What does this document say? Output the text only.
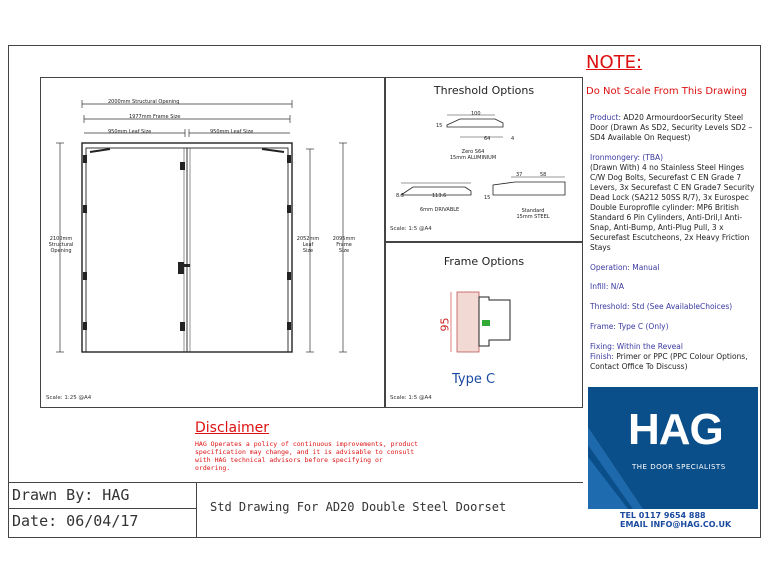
2000mm Structural Opening
1977mm Frame Size
950mm Leaf Size	950mm Leaf Size
2100mm
Structural
Opening
2052mm
Leaf
Size
2095mm
Frame
Size
Scale: 1:25 @A4
Threshold Options
100
15
64	4
Zero S64
15mm ALUMINIUM
8.3	113.6
6mm DRIVABLE
37	58
15
Standard
15mm STEEL
Scale: 1:5 @A4
Frame Options
95
Type C
Scale: 1:5 @A4
NOTE:
Do Not Scale From This Drawing
Product: AD20 ArmourdoorSecurity Steel Door (Drawn As SD2, Security Levels SD2 – SD4 Available On Request)
Ironmongery: (TBA)
(Drawn With) 4 no Stainless Steel Hinges C/W Dog Bolts, Securefast C EN Grade 7 Levers, 3x Securefast C EN Grade7 Security Dead Lock (SA212 50SS R/7), 3x Eurospec Double Europrofile cylinder: MP6 British Standard 6 Pin Cylinders, Anti-Dril,l Anti-Snap, Anti-Bump, Anti-Plug Pull, 3 x Securefast Escutcheons, 2x Heavy Friction Stays
Operation: Manual
Infill: N/A
Threshold: Std (See AvailableChoices)
Frame: Type C (Only)
Fixing: Within the Reveal
Finish: Primer or PPC (PPC Colour Options, Contact Office To Discuss)
Disclaimer
HAG Operates a policy of continuous improvements, product specification may change, and it is advisable to consult with HAG technical advisors before specifying or ordering.
Drawn By: HAG
Date: 06/04/17
Std Drawing For AD20 Double Steel Doorset
HAG
THE DOOR SPECIALISTS
TEL 0117 9654 888
EMAIL INFO@HAG.CO.UK
